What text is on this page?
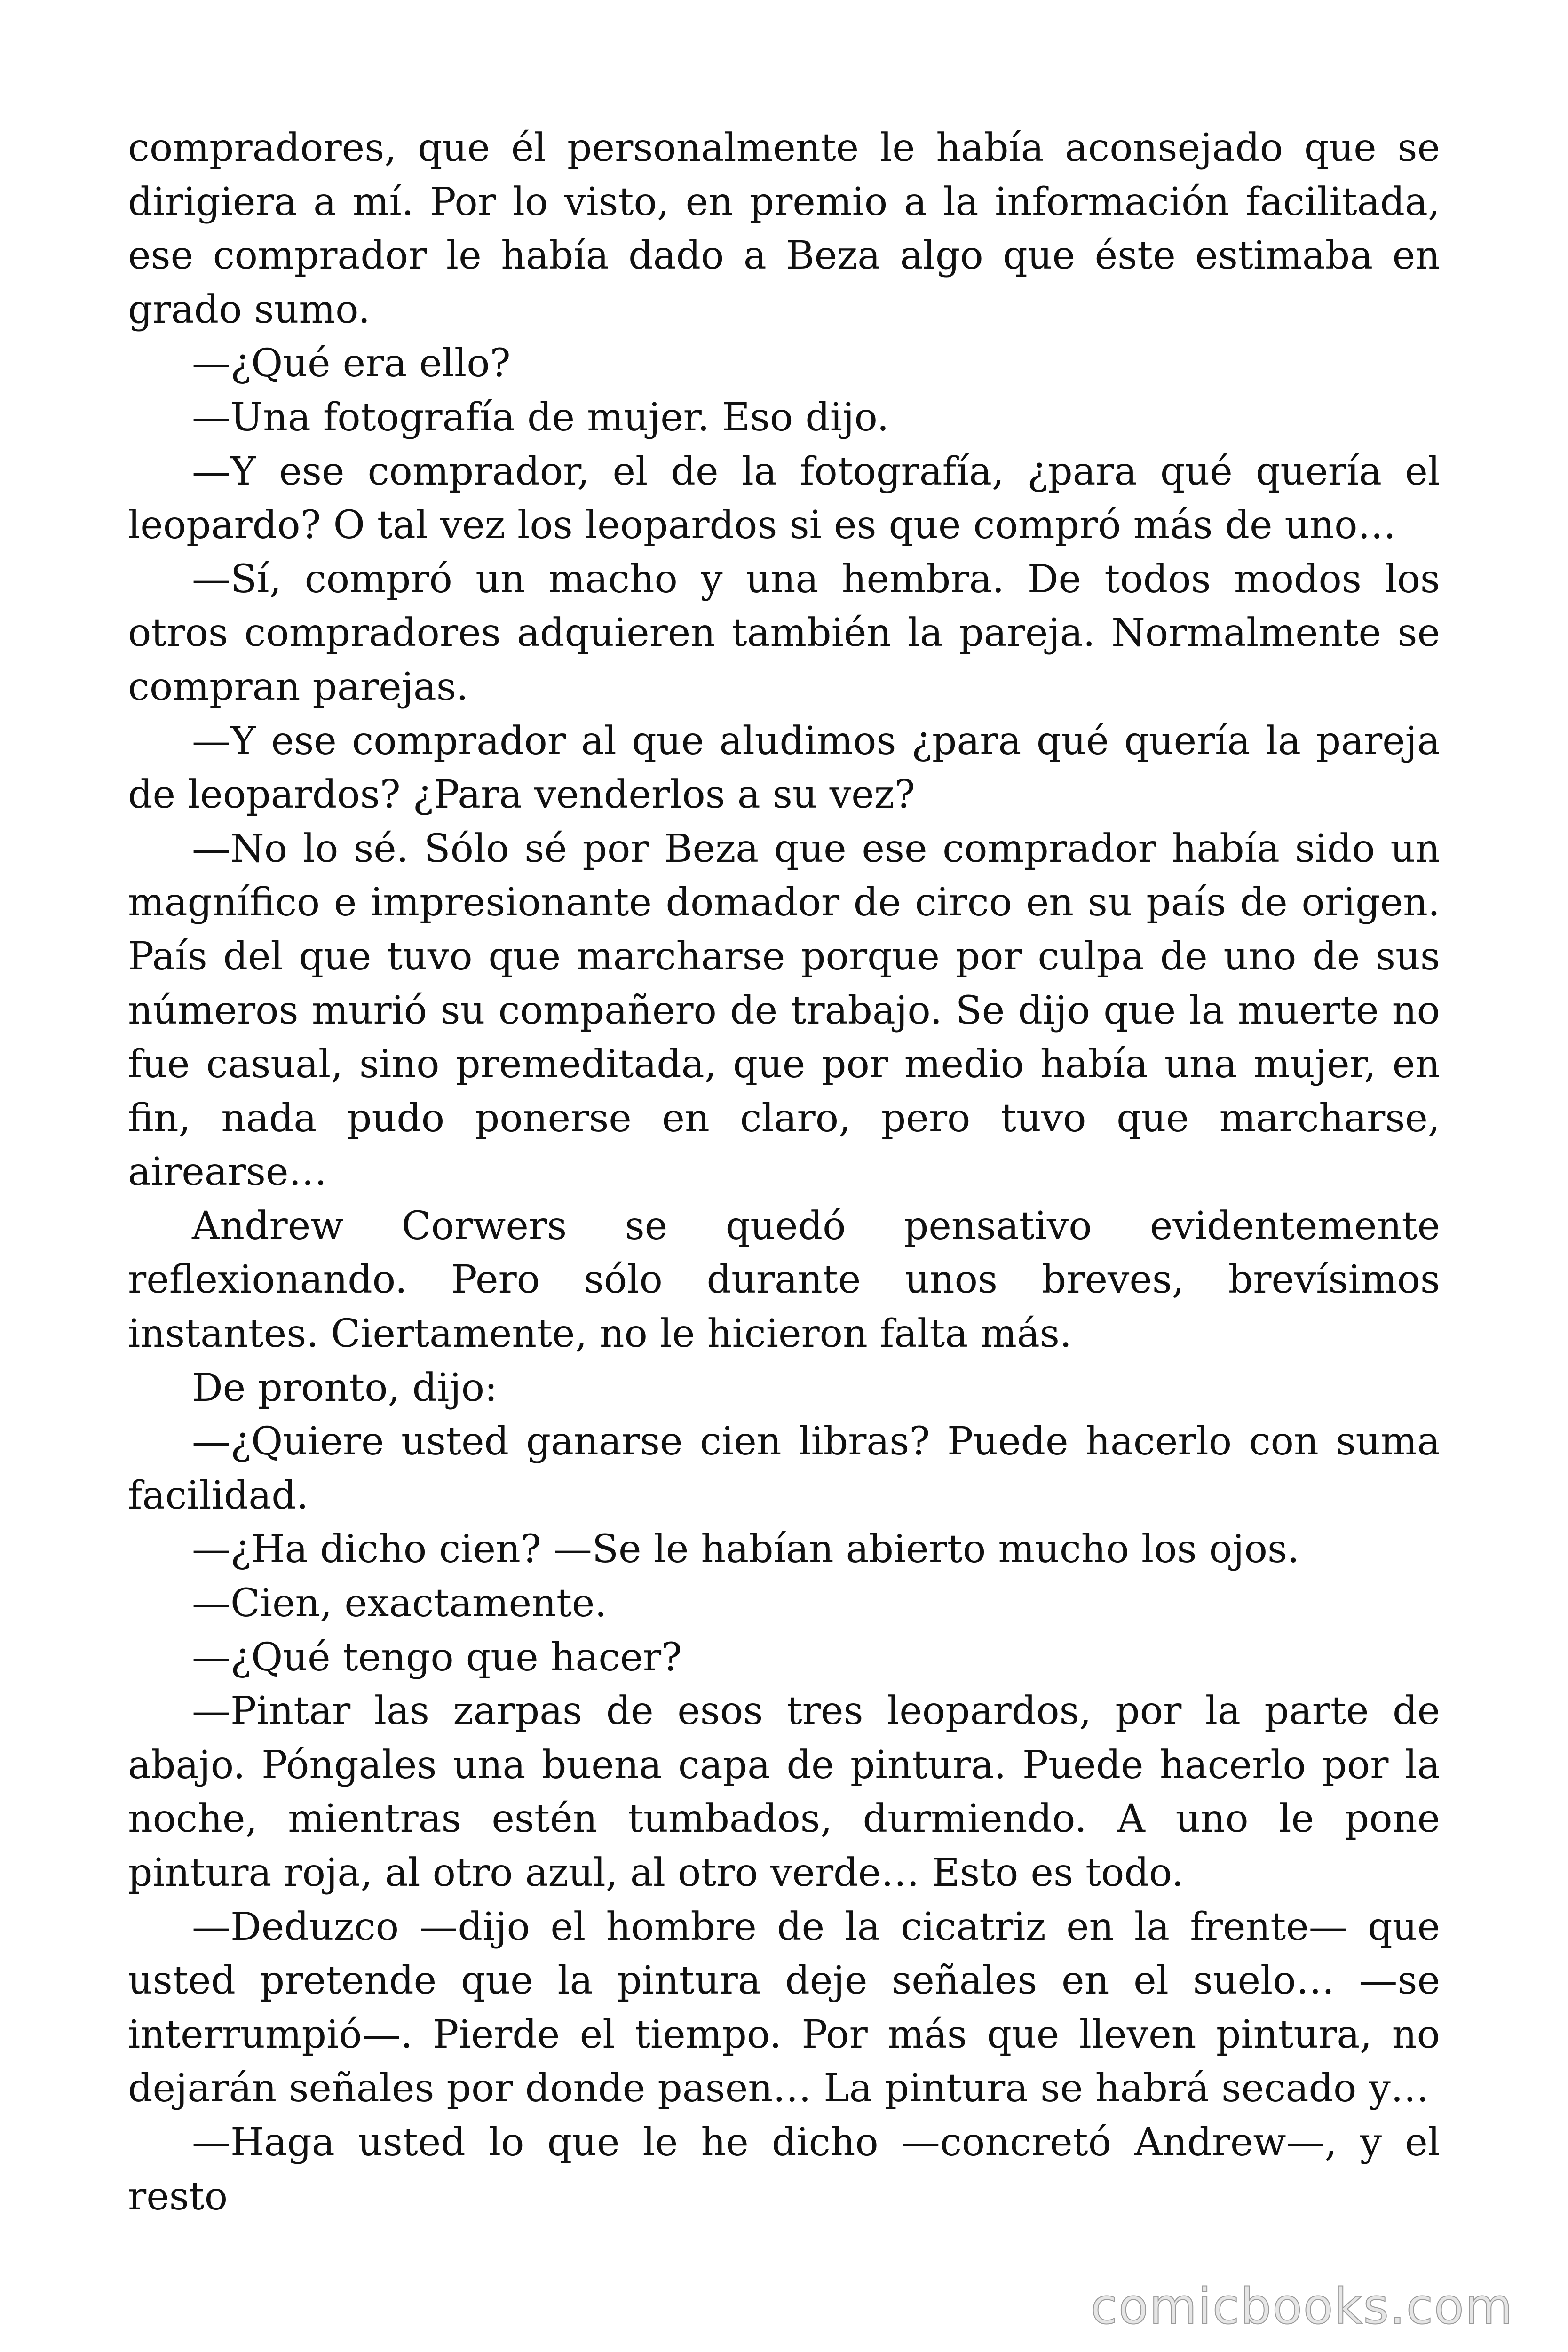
compradores, que él personalmente le había aconsejado que se dirigiera a mí. Por lo visto, en premio a la información facilitada, ese comprador le había dado a Beza algo que éste estimaba en grado sumo.

—¿Qué era ello?

—Una fotografía de mujer. Eso dijo.

—Y ese comprador, el de la fotografía, ¿para qué quería el leopardo? O tal vez los leopardos si es que compró más de uno…

—Sí, compró un macho y una hembra. De todos modos los otros compradores adquieren también la pareja. Normalmente se compran parejas.

—Y ese comprador al que aludimos ¿para qué quería la pareja de leopardos? ¿Para venderlos a su vez?

—No lo sé. Sólo sé por Beza que ese comprador había sido un magnífico e impresionante domador de circo en su país de origen. País del que tuvo que marcharse porque por culpa de uno de sus números murió su compañero de trabajo. Se dijo que la muerte no fue casual, sino premeditada, que por medio había una mujer, en fin, nada pudo ponerse en claro, pero tuvo que marcharse, airearse…

Andrew Corwers se quedó pensativo evidentemente reflexionando. Pero sólo durante unos breves, brevísimos instantes. Ciertamente, no le hicieron falta más.

De pronto, dijo:

—¿Quiere usted ganarse cien libras? Puede hacerlo con suma facilidad.

—¿Ha dicho cien? —Se le habían abierto mucho los ojos.

—Cien, exactamente.

—¿Qué tengo que hacer?

—Pintar las zarpas de esos tres leopardos, por la parte de abajo. Póngales una buena capa de pintura. Puede hacerlo por la noche, mientras estén tumbados, durmiendo. A uno le pone pintura roja, al otro azul, al otro verde… Esto es todo.

—Deduzco —dijo el hombre de la cicatriz en la frente— que usted pretende que la pintura deje señales en el suelo… —se interrumpió—. Pierde el tiempo. Por más que lleven pintura, no dejarán señales por donde pasen… La pintura se habrá secado y…

—Haga usted lo que le he dicho —concretó Andrew—, y el resto

comicbooks.com
